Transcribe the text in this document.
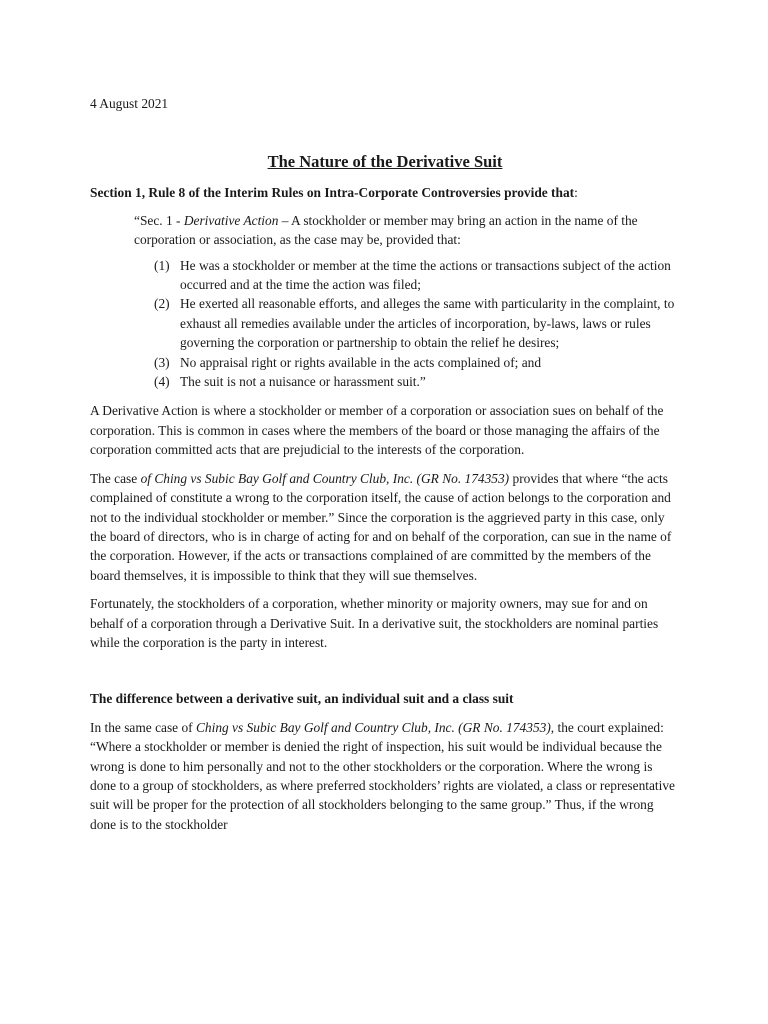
4 August 2021

The Nature of the Derivative Suit

Section 1, Rule 8 of the Interim Rules on Intra-Corporate Controversies provide that:

“Sec. 1 - Derivative Action – A stockholder or member may bring an action in the name of the corporation or association, as the case may be, provided that:

(1) He was a stockholder or member at the time the actions or transactions subject of the action occurred and at the time the action was filed;
(2) He exerted all reasonable efforts, and alleges the same with particularity in the complaint, to exhaust all remedies available under the articles of incorporation, by-laws, laws or rules governing the corporation or partnership to obtain the relief he desires;
(3) No appraisal right or rights available in the acts complained of; and
(4) The suit is not a nuisance or harassment suit.”

A Derivative Action is where a stockholder or member of a corporation or association sues on behalf of the corporation. This is common in cases where the members of the board or those managing the affairs of the corporation committed acts that are prejudicial to the interests of the corporation.

The case of Ching vs Subic Bay Golf and Country Club, Inc. (GR No. 174353) provides that where “the acts complained of constitute a wrong to the corporation itself, the cause of action belongs to the corporation and not to the individual stockholder or member.” Since the corporation is the aggrieved party in this case, only the board of directors, who is in charge of acting for and on behalf of the corporation, can sue in the name of the corporation. However, if the acts or transactions complained of are committed by the members of the board themselves, it is impossible to think that they will sue themselves.

Fortunately, the stockholders of a corporation, whether minority or majority owners, may sue for and on behalf of a corporation through a Derivative Suit. In a derivative suit, the stockholders are nominal parties while the corporation is the party in interest.

The difference between a derivative suit, an individual suit and a class suit

In the same case of Ching vs Subic Bay Golf and Country Club, Inc. (GR No. 174353), the court explained: “Where a stockholder or member is denied the right of inspection, his suit would be individual because the wrong is done to him personally and not to the other stockholders or the corporation. Where the wrong is done to a group of stockholders, as where preferred stockholders’ rights are violated, a class or representative suit will be proper for the protection of all stockholders belonging to the same group.” Thus, if the wrong done is to the stockholder
